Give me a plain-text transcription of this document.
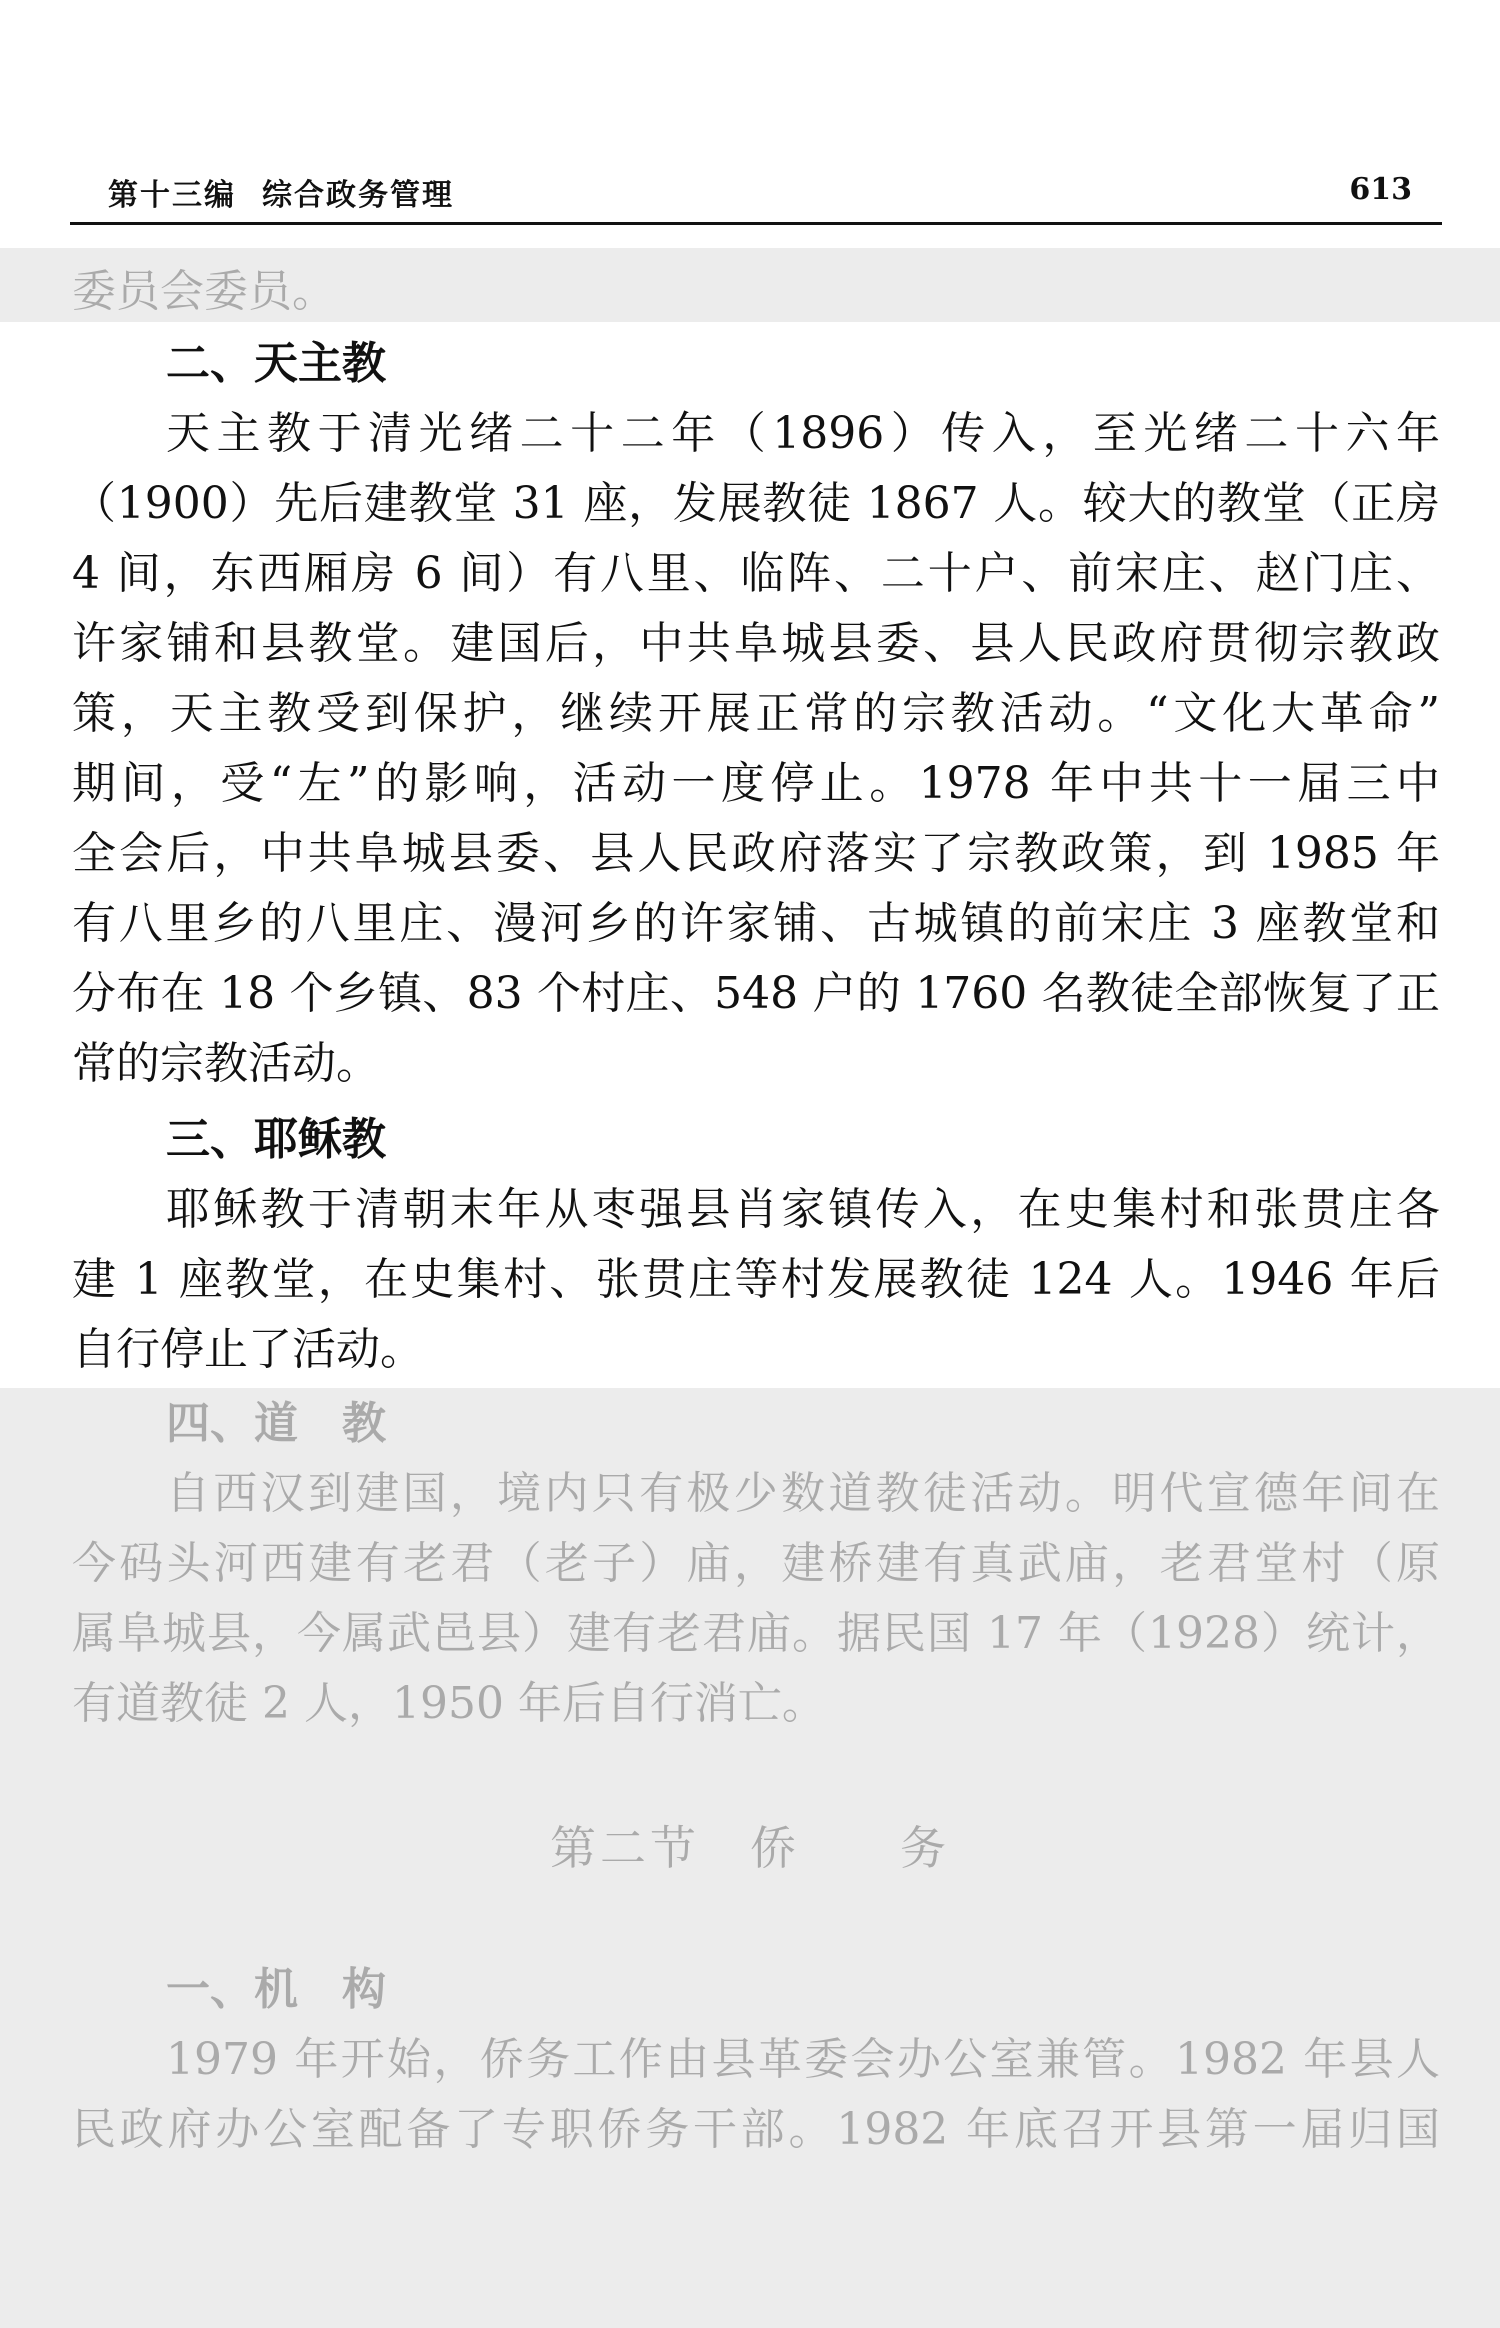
第十三编 综合政务管理	613
委员会委员。
二、天主教
天主教于清光绪二十二年（1896）传入，至光绪二十六年
（1900）先后建教堂 31 座，发展教徒 1867 人。较大的教堂（正房
4 间，东西厢房 6 间）有八里、临阵、二十户、前宋庄、赵门庄、
许家铺和县教堂。建国后，中共阜城县委、县人民政府贯彻宗教政
策，天主教受到保护，继续开展正常的宗教活动。“文化大革命”
期间，受“左”的影响，活动一度停止。1978 年中共十一届三中
全会后，中共阜城县委、县人民政府落实了宗教政策，到 1985 年
有八里乡的八里庄、漫河乡的许家铺、古城镇的前宋庄 3 座教堂和
分布在 18 个乡镇、83 个村庄、548 户的 1760 名教徒全部恢复了正
常的宗教活动。
三、耶稣教
耶稣教于清朝末年从枣强县肖家镇传入，在史集村和张贯庄各
建 1 座教堂，在史集村、张贯庄等村发展教徒 124 人。1946 年后
自行停止了活动。
四、道　教
自西汉到建国，境内只有极少数道教徒活动。明代宣德年间在
今码头河西建有老君（老子）庙，建桥建有真武庙，老君堂村（原
属阜城县，今属武邑县）建有老君庙。据民国 17 年（1928）统计，
有道教徒 2 人，1950 年后自行消亡。
第二节　侨　　务
一、机　构
1979 年开始，侨务工作由县革委会办公室兼管。1982 年县人
民政府办公室配备了专职侨务干部。1982 年底召开县第一届归国
